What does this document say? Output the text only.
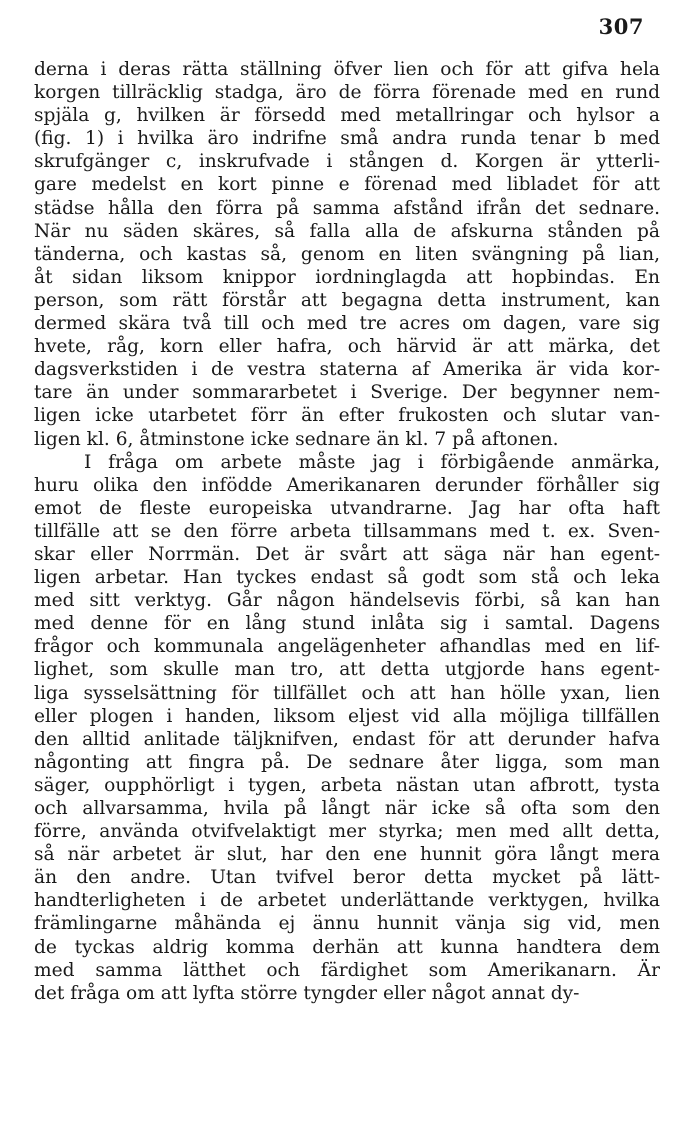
307
derna i deras rätta ställning öfver lien och för att gifva hela
korgen tillräcklig stadga, äro de förra förenade med en rund
spjäla g, hvilken är försedd med metallringar och hylsor a
(fig. 1) i hvilka äro indrifne små andra runda tenar b med
skrufgänger c, inskrufvade i stången d. Korgen är ytterli-
gare medelst en kort pinne e förenad med libladet för att
städse hålla den förra på samma afstånd ifrån det sednare.
När nu säden skäres, så falla alla de afskurna stånden på
tänderna, och kastas så, genom en liten svängning på lian,
åt sidan liksom knippor iordninglagda att hopbindas. En
person, som rätt förstår att begagna detta instrument, kan
dermed skära två till och med tre acres om dagen, vare sig
hvete, råg, korn eller hafra, och härvid är att märka, det
dagsverkstiden i de vestra staterna af Amerika är vida kor-
tare än under sommararbetet i Sverige. Der begynner nem-
ligen icke utarbetet förr än efter frukosten och slutar van-
ligen kl. 6, åtminstone icke sednare än kl. 7 på aftonen.
I fråga om arbete måste jag i förbigående anmärka,
huru olika den infödde Amerikanaren derunder förhåller sig
emot de fleste europeiska utvandrarne. Jag har ofta haft
tillfälle att se den förre arbeta tillsammans med t. ex. Sven-
skar eller Norrmän. Det är svårt att säga när han egent-
ligen arbetar. Han tyckes endast så godt som stå och leka
med sitt verktyg. Går någon händelsevis förbi, så kan han
med denne för en lång stund inlåta sig i samtal. Dagens
frågor och kommunala angelägenheter afhandlas med en lif-
lighet, som skulle man tro, att detta utgjorde hans egent-
liga sysselsättning för tillfället och att han hölle yxan, lien
eller plogen i handen, liksom eljest vid alla möjliga tillfällen
den alltid anlitade täljknifven, endast för att derunder hafva
någonting att fingra på. De sednare åter ligga, som man
säger, oupphörligt i tygen, arbeta nästan utan afbrott, tysta
och allvarsamma, hvila på långt när icke så ofta som den
förre, använda otvifvelaktigt mer styrka; men med allt detta,
så när arbetet är slut, har den ene hunnit göra långt mera
än den andre. Utan tvifvel beror detta mycket på lätt-
handterligheten i de arbetet underlättande verktygen, hvilka
främlingarne måhända ej ännu hunnit vänja sig vid, men
de tyckas aldrig komma derhän att kunna handtera dem
med samma lätthet och färdighet som Amerikanarn. Är
det fråga om att lyfta större tyngder eller något annat dy-
